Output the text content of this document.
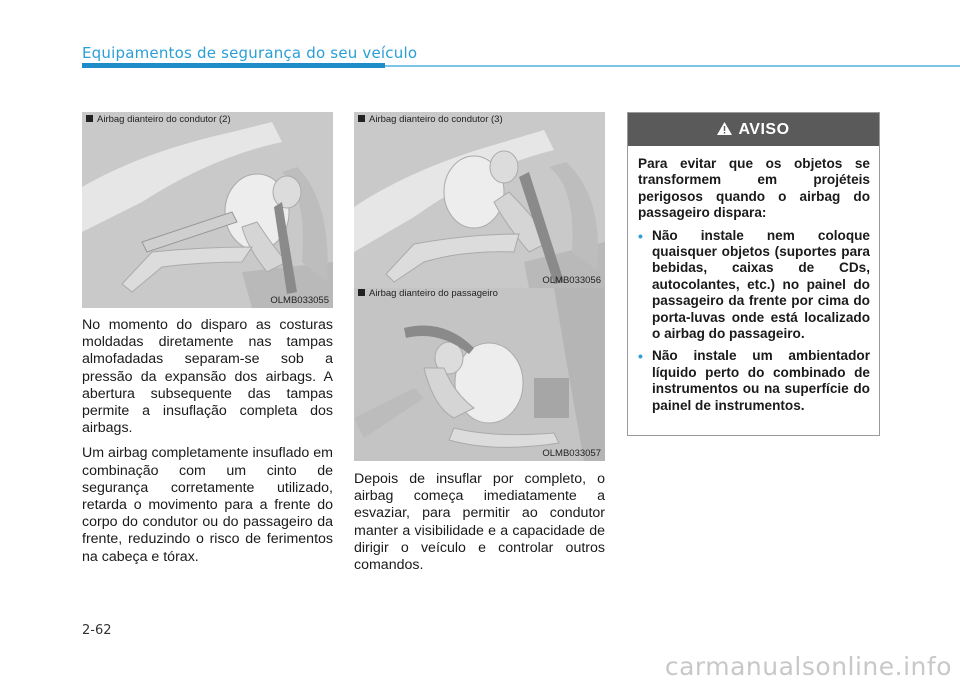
Equipamentos de segurança do seu veículo
Airbag dianteiro do condutor (2)
OLMB033055
Airbag dianteiro do condutor (3)
OLMB033056
Airbag dianteiro do passageiro
OLMB033057

No momento do disparo as costuras moldadas diretamente nas tampas almofadadas separam-se sob a pressão da expansão dos airbags. A abertura subsequente das tampas permite a insuflação completa dos airbags.

Um airbag completamente insuflado em combinação com um cinto de segurança corretamente utilizado, retarda o movimento para a frente do corpo do condutor ou do passageiro da frente, reduzindo o risco de ferimentos na cabeça e tórax.

Depois de insuflar por completo, o airbag começa imediatamente a esvaziar, para permitir ao condutor manter a visibilidade e a capacidade de dirigir o veículo e controlar outros comandos.

AVISO

Para evitar que os objetos se transformem em projéteis perigosos quando o airbag do passageiro dispara:

• Não instale nem coloque quaisquer objetos (suportes para bebidas, caixas de CDs, autocolantes, etc.) no painel do passageiro da frente por cima do porta-luvas onde está localizado o airbag do passageiro.
• Não instale um ambientador líquido perto do combinado de instrumentos ou na superfície do painel de instrumentos.
2-62
carmanualsonline.info
